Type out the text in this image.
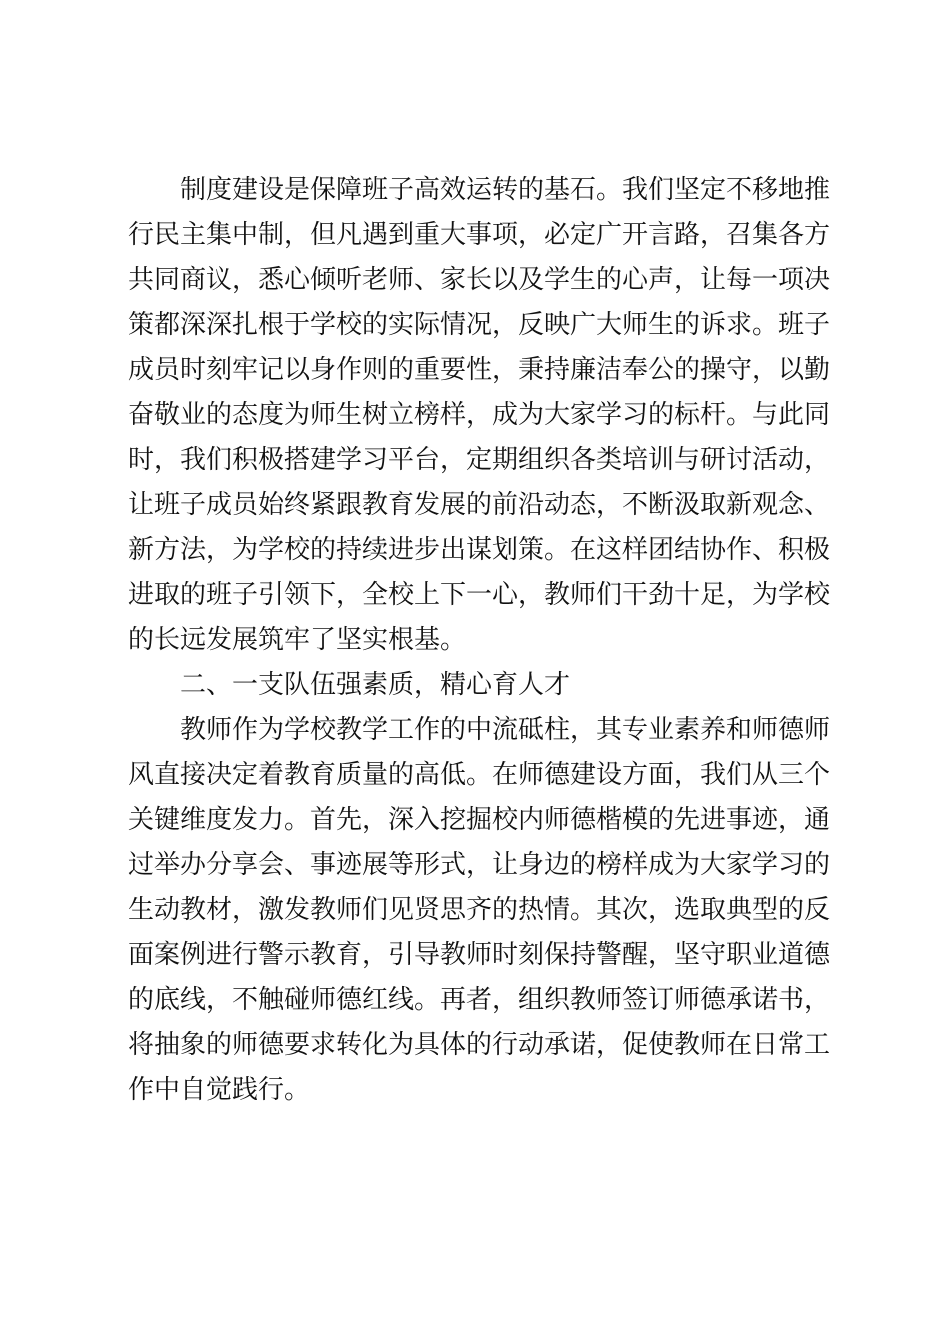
制度建设是保障班子高效运转的基石。我们坚定不移地推
行民主集中制，但凡遇到重大事项，必定广开言路，召集各方
共同商议，悉心倾听老师、家长以及学生的心声，让每一项决
策都深深扎根于学校的实际情况，反映广大师生的诉求。班子
成员时刻牢记以身作则的重要性，秉持廉洁奉公的操守，以勤
奋敬业的态度为师生树立榜样，成为大家学习的标杆。与此同
时，我们积极搭建学习平台，定期组织各类培训与研讨活动，
让班子成员始终紧跟教育发展的前沿动态，不断汲取新观念、
新方法，为学校的持续进步出谋划策。在这样团结协作、积极
进取的班子引领下，全校上下一心，教师们干劲十足，为学校
的长远发展筑牢了坚实根基。
二、一支队伍强素质，精心育人才
教师作为学校教学工作的中流砥柱，其专业素养和师德师
风直接决定着教育质量的高低。在师德建设方面，我们从三个
关键维度发力。首先，深入挖掘校内师德楷模的先进事迹，通
过举办分享会、事迹展等形式，让身边的榜样成为大家学习的
生动教材，激发教师们见贤思齐的热情。其次，选取典型的反
面案例进行警示教育，引导教师时刻保持警醒，坚守职业道德
的底线，不触碰师德红线。再者，组织教师签订师德承诺书，
将抽象的师德要求转化为具体的行动承诺，促使教师在日常工
作中自觉践行。
